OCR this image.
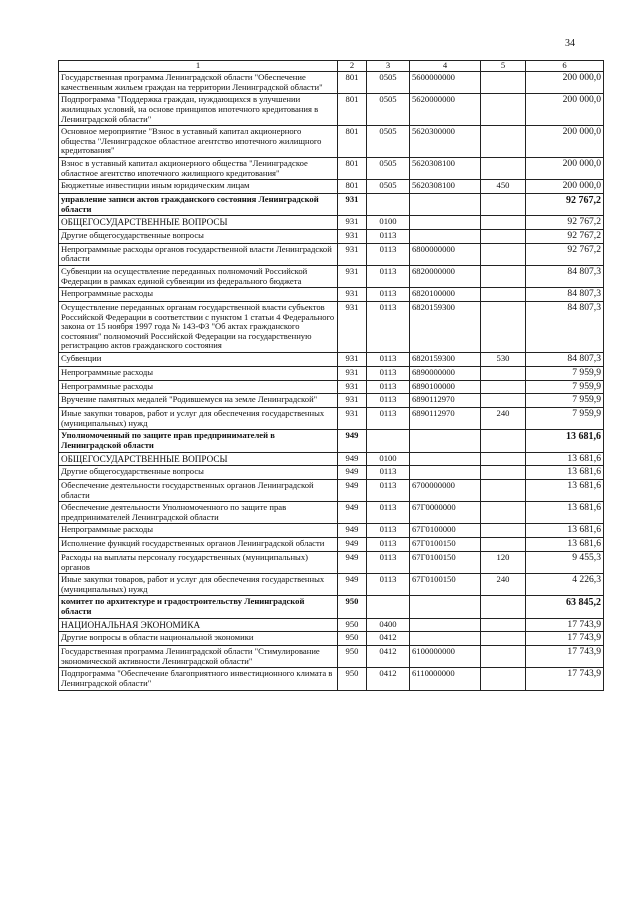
34
1	2	3	4	5	6
Государственная программа Ленинградской области "Обеспечение качественным жильем граждан на территории Ленинградской области"	801	0505	5600000000		200 000,0
Подпрограмма "Поддержка граждан, нуждающихся в улучшении жилищных условий, на основе принципов ипотечного кредитования в Ленинградской области"	801	0505	5620000000		200 000,0
Основное мероприятие "Взнос в уставный капитал акционерного общества "Ленинградское областное агентство ипотечного жилищного кредитования"	801	0505	5620300000		200 000,0
Взнос в уставный капитал акционерного общества "Ленинградское областное агентство ипотечного жилищного кредитования"	801	0505	5620308100		200 000,0
Бюджетные инвестиции иным юридическим лицам	801	0505	5620308100	450	200 000,0
управление записи актов гражданского состояния Ленинградской области	931				92 767,2
ОБЩЕГОСУДАРСТВЕННЫЕ ВОПРОСЫ	931	0100			92 767,2
Другие общегосударственные вопросы	931	0113			92 767,2
Непрограммные расходы органов государственной власти Ленинградской области	931	0113	6800000000		92 767,2
Субвенции на осуществление переданных полномочий Российской Федерации в рамках единой субвенции из федерального бюджета	931	0113	6820000000		84 807,3
Непрограммные расходы	931	0113	6820100000		84 807,3
Осуществление переданных органам государственной власти субъектов Российской Федерации в соответствии с пунктом 1 статьи 4 Федерального закона от 15 ноября 1997 года № 143-ФЗ "Об актах гражданского состояния" полномочий Российской Федерации на государственную регистрацию актов гражданского состояния	931	0113	6820159300		84 807,3
Субвенции	931	0113	6820159300	530	84 807,3
Непрограммные расходы	931	0113	6890000000		7 959,9
Непрограммные расходы	931	0113	6890100000		7 959,9
Вручение памятных медалей "Родившемуся на земле Ленинградской"	931	0113	6890112970		7 959,9
Иные закупки товаров, работ и услуг для обеспечения государственных (муниципальных) нужд	931	0113	6890112970	240	7 959,9
Уполномоченный по защите прав предпринимателей в Ленинградской области	949				13 681,6
ОБЩЕГОСУДАРСТВЕННЫЕ ВОПРОСЫ	949	0100			13 681,6
Другие общегосударственные вопросы	949	0113			13 681,6
Обеспечение деятельности государственных органов Ленинградской области	949	0113	6700000000		13 681,6
Обеспечение деятельности Уполномоченного по защите прав предпринимателей Ленинградской области	949	0113	67Г0000000		13 681,6
Непрограммные расходы	949	0113	67Г0100000		13 681,6
Исполнение функций государственных органов Ленинградской области	949	0113	67Г0100150		13 681,6
Расходы на выплаты персоналу государственных (муниципальных) органов	949	0113	67Г0100150	120	9 455,3
Иные закупки товаров, работ и услуг для обеспечения государственных (муниципальных) нужд	949	0113	67Г0100150	240	4 226,3
комитет по архитектуре и градостроительству Ленинградской области	950				63 845,2
НАЦИОНАЛЬНАЯ ЭКОНОМИКА	950	0400			17 743,9
Другие вопросы в области национальной экономики	950	0412			17 743,9
Государственная программа Ленинградской области "Стимулирование экономической активности Ленинградской области"	950	0412	6100000000		17 743,9
Подпрограмма "Обеспечение благоприятного инвестиционного климата в Ленинградской области"	950	0412	6110000000		17 743,9
